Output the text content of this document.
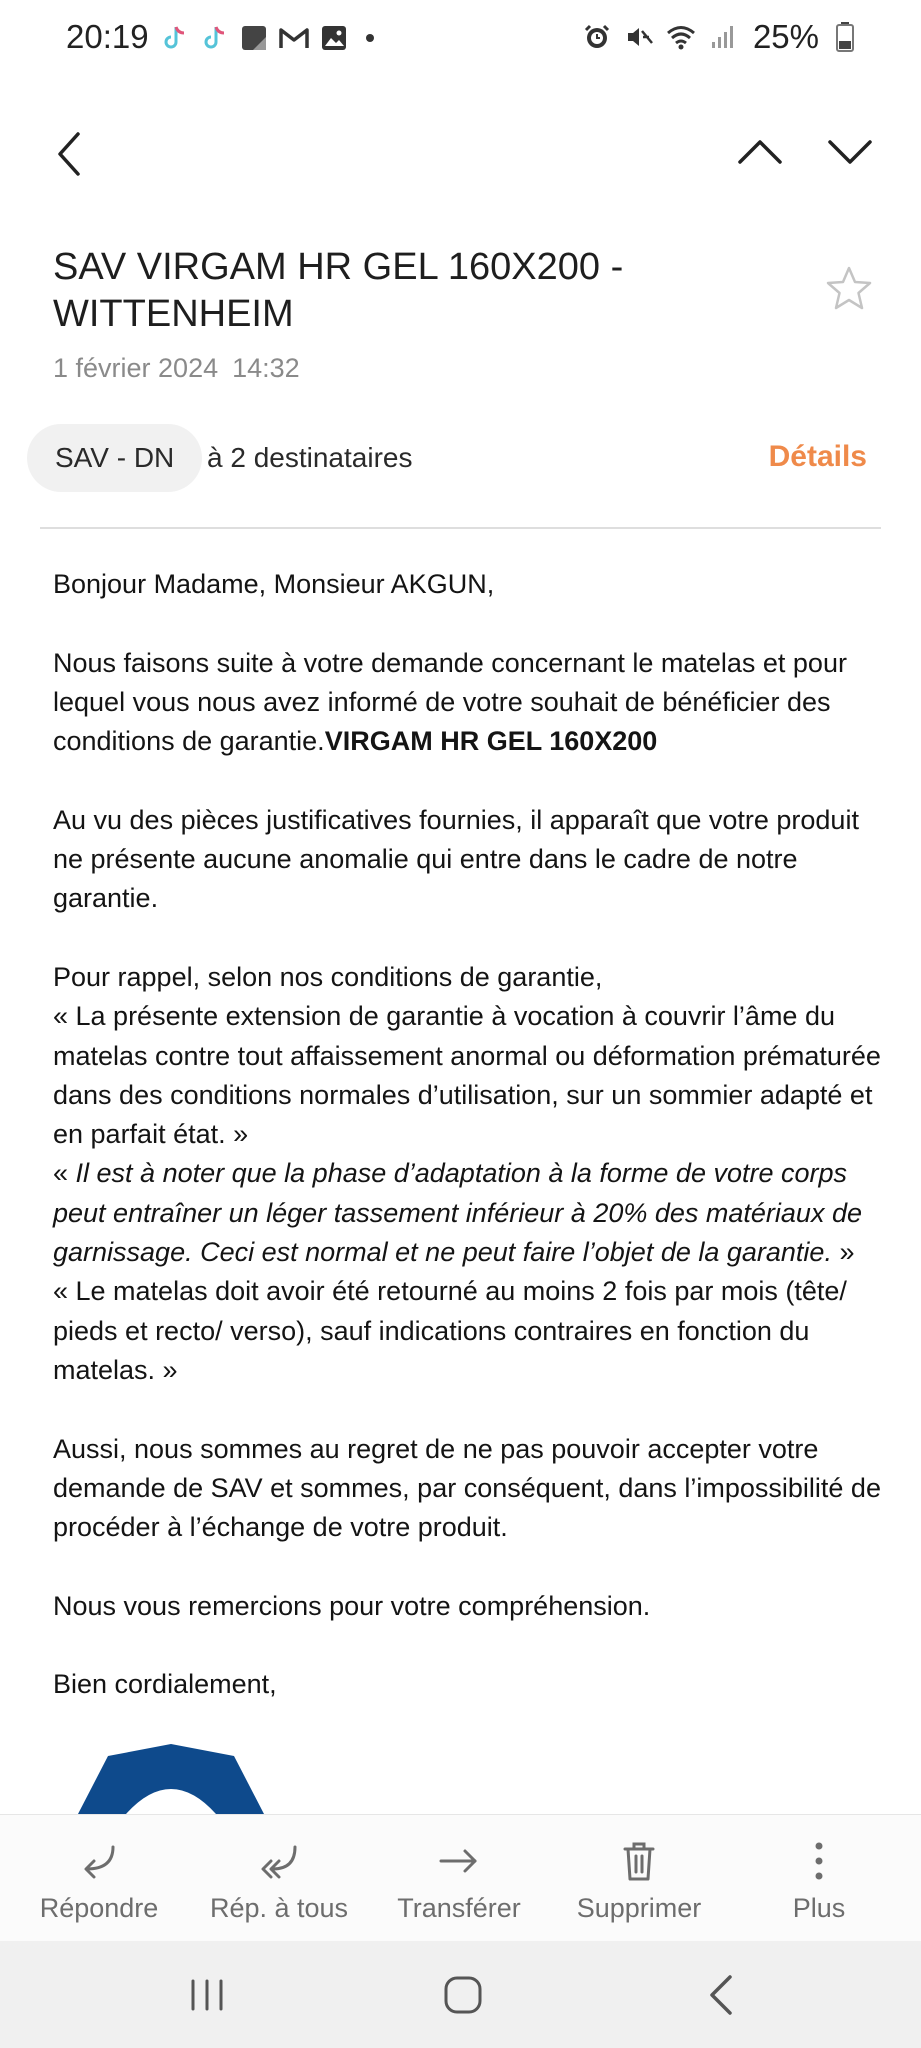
20:19	25%
SAV VIRGAM HR GEL 160X200 - WITTENHEIM
1 février 2024 14:32
SAV - DN	à 2 destinataires	Détails

Bonjour Madame, Monsieur AKGUN,

Nous faisons suite à votre demande concernant le matelas et pour lequel vous nous avez informé de votre souhait de bénéficier des conditions de garantie.VIRGAM HR GEL 160X200

Au vu des pièces justificatives fournies, il apparaît que votre produit ne présente aucune anomalie qui entre dans le cadre de notre garantie.

Pour rappel, selon nos conditions de garantie,

« La présente extension de garantie à vocation à couvrir l’âme du matelas contre tout affaissement anormal ou déformation prématurée dans des conditions normales d’utilisation, sur un sommier adapté et en parfait état. »

« Il est à noter que la phase d’adaptation à la forme de votre corps peut entraîner un léger tassement inférieur à 20% des matériaux de garnissage. Ceci est normal et ne peut faire l’objet de la garantie. »

« Le matelas doit avoir été retourné au moins 2 fois par mois (tête/ pieds et recto/ verso), sauf indications contraires en fonction du matelas. »

Aussi, nous sommes au regret de ne pas pouvoir accepter votre demande de SAV et sommes, par conséquent, dans l’impossibilité de procéder à l’échange de votre produit.

Nous vous remercions pour votre compréhension.

Bien cordialement,

Répondre Rép. à tous Transférer Supprimer	Plus
